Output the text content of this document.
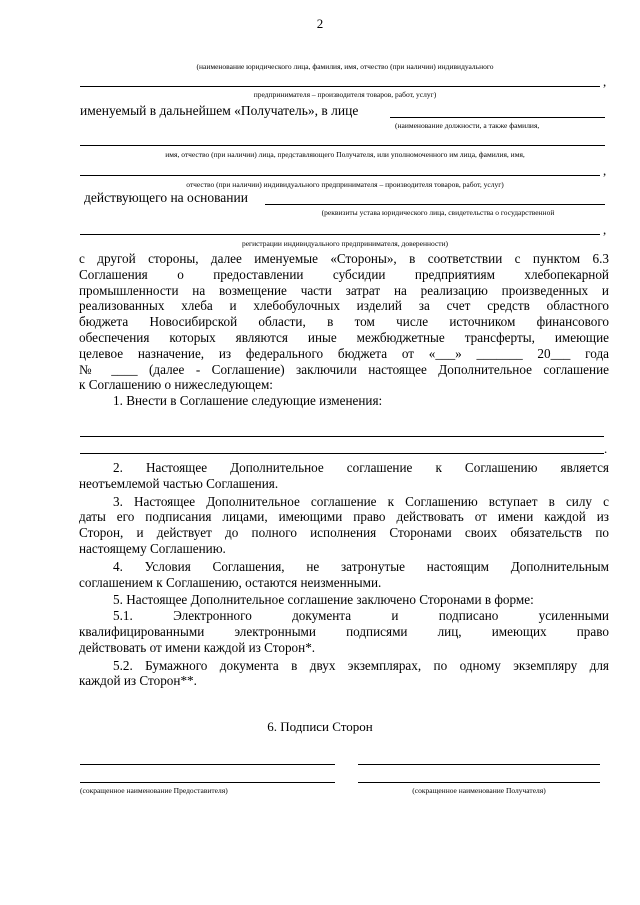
2
(наименование юридического лица, фамилия, имя, отчество (при наличии) индивидуального
,
предпринимателя – производителя товаров, работ, услуг)
именуемый в дальнейшем «Получатель», в лице
(наименование должности, а также фамилия,
имя, отчество (при наличии) лица, представляющего Получателя, или уполномоченного им лица, фамилия, имя,
,
отчество (при наличии) индивидуального предпринимателя – производителя товаров, работ, услуг)
действующего на основании
(реквизиты устава юридического лица, свидетельства о государственной
,
регистрации индивидуального предпринимателя, доверенности)
с другой стороны, далее именуемые «Стороны», в соответствии с пунктом 6.3
Соглашения о предоставлении субсидии предприятиям хлебопекарной
промышленности на возмещение части затрат на реализацию произведенных и
реализованных хлеба и хлебобулочных изделий за счет средств областного
бюджета Новосибирской области, в том числе источником финансового
обеспечения которых являются иные межбюджетные трансферты, имеющие
целевое назначение, из федерального бюджета от «___» _______ 20___ года
№ ____ (далее - Соглашение) заключили настоящее Дополнительное соглашение
к Соглашению о нижеследующем:
1. Внести в Соглашение следующие изменения:
.
2. Настоящее Дополнительное соглашение к Соглашению является
неотъемлемой частью Соглашения.
3. Настоящее Дополнительное соглашение к Соглашению вступает в силу с
даты его подписания лицами, имеющими право действовать от имени каждой из
Сторон, и действует до полного исполнения Сторонами своих обязательств по
настоящему Соглашению.
4. Условия Соглашения, не затронутые настоящим Дополнительным
соглашением к Соглашению, остаются неизменными.
5. Настоящее Дополнительное соглашение заключено Сторонами в форме:
5.1. Электронного документа и подписано усиленными
квалифицированными электронными подписями лиц, имеющих право
действовать от имени каждой из Сторон*.
5.2. Бумажного документа в двух экземплярах, по одному экземпляру для
каждой из Сторон**.
6. Подписи Сторон
(сокращенное наименование Предоставителя)	(сокращенное наименование Получателя)
